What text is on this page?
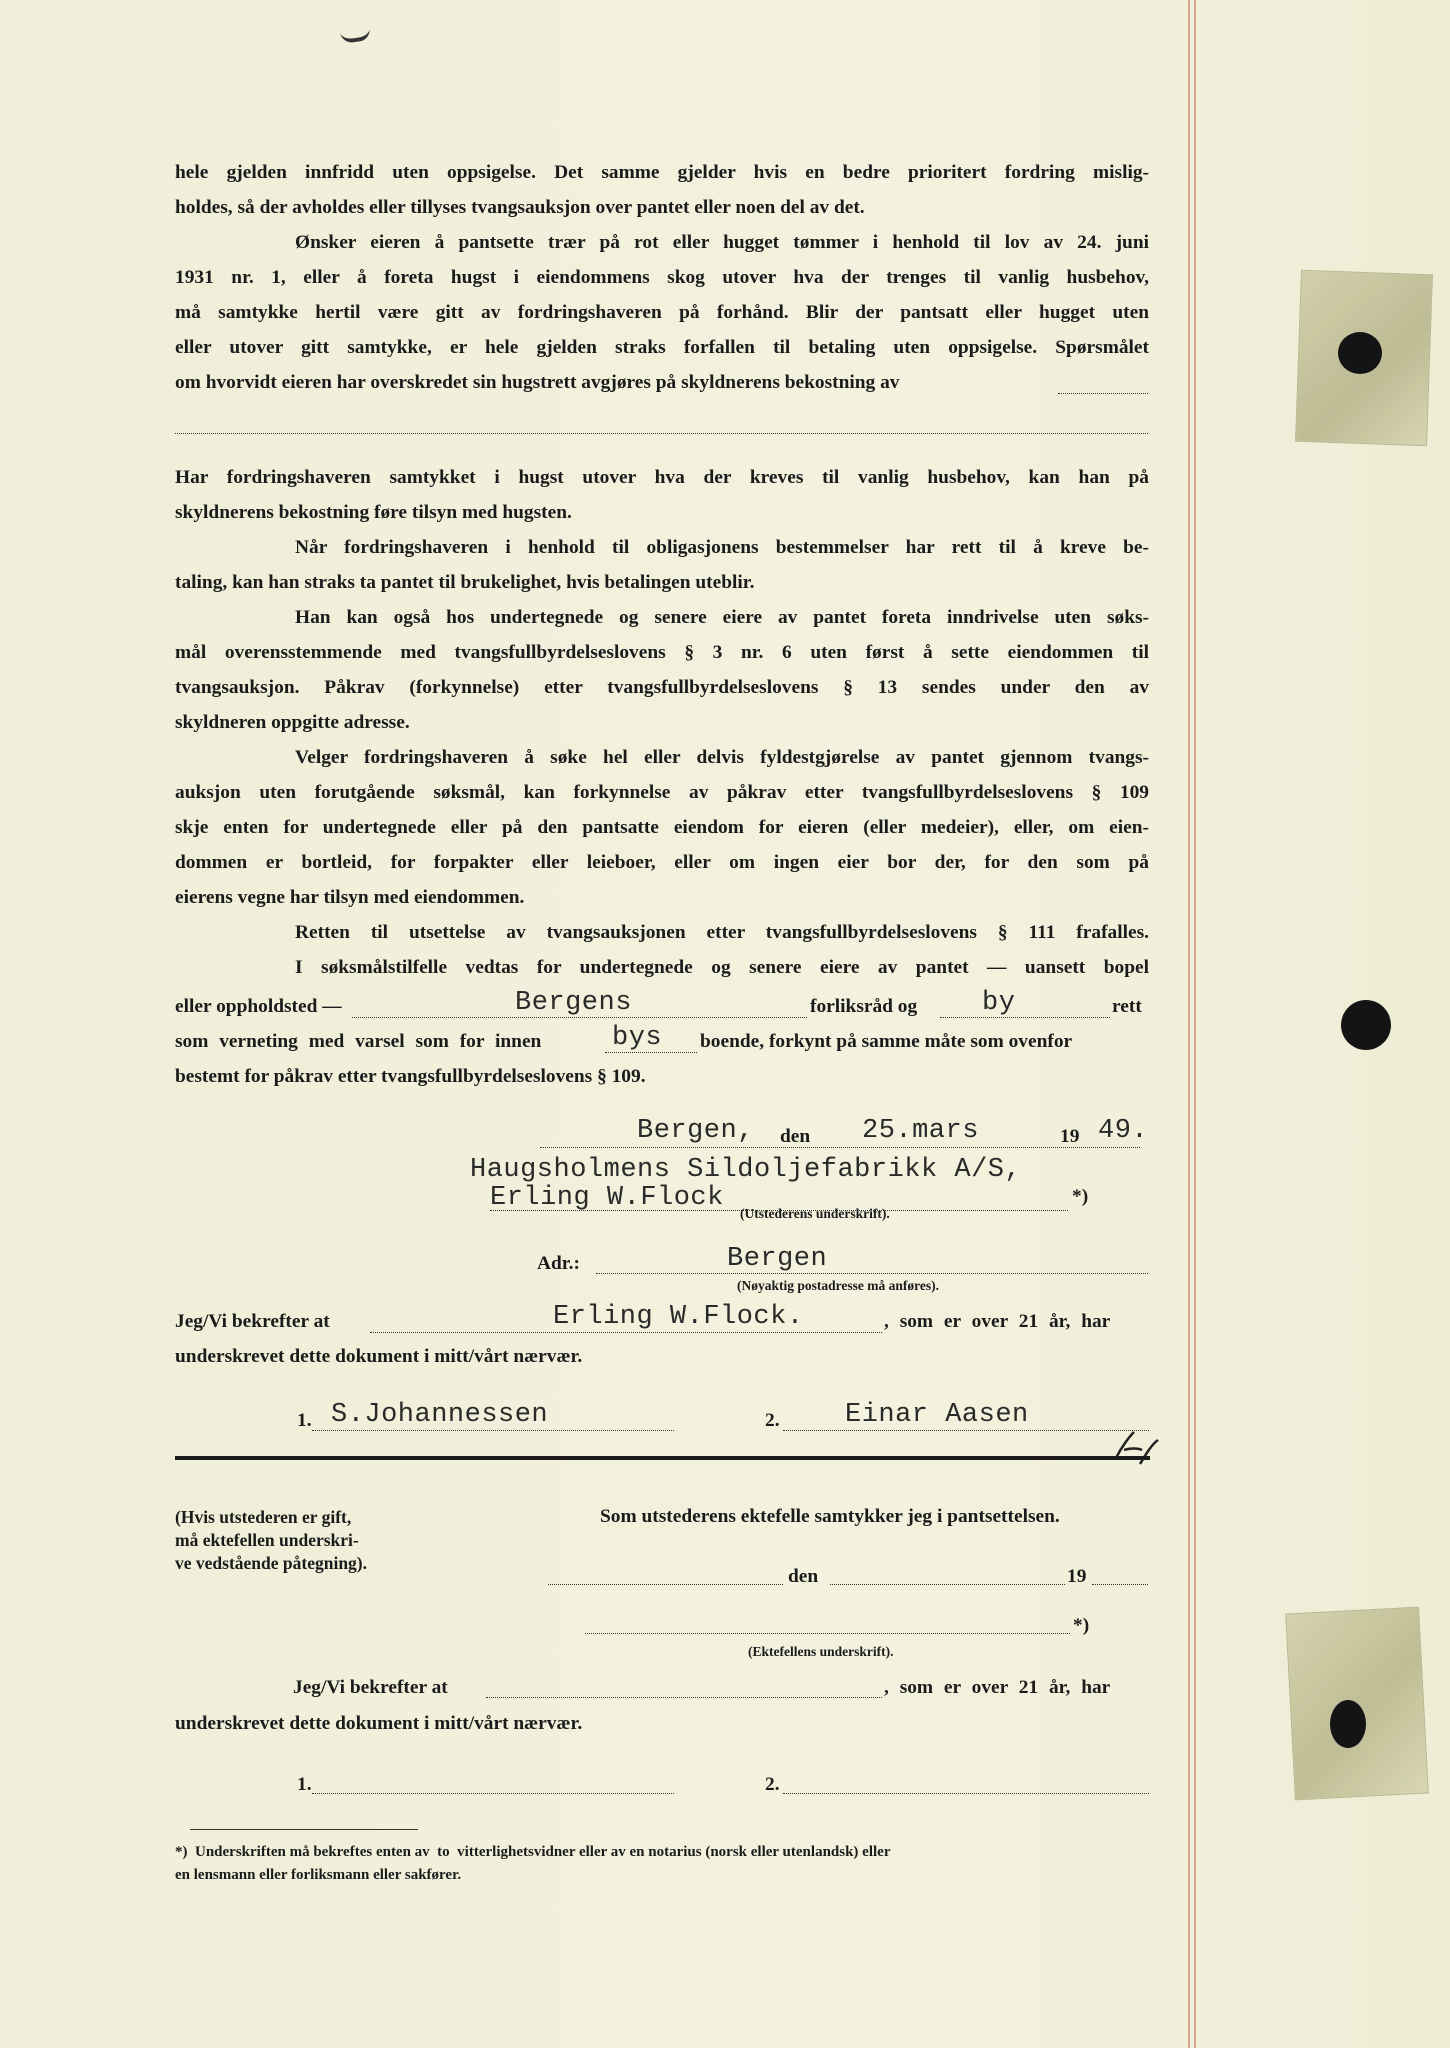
hele gjelden innfridd uten oppsigelse. Det samme gjelder hvis en bedre prioritert fordring mislig-
holdes, så der avholdes eller tillyses tvangsauksjon over pantet eller noen del av det.
Ønsker eieren å pantsette trær på rot eller hugget tømmer i henhold til lov av 24. juni
1931 nr. 1, eller å foreta hugst i eiendommens skog utover hva der trenges til vanlig husbehov,
må samtykke hertil være gitt av fordringshaveren på forhånd. Blir der pantsatt eller hugget uten
eller utover gitt samtykke, er hele gjelden straks forfallen til betaling uten oppsigelse. Spørsmålet
om hvorvidt eieren har overskredet sin hugstrett avgjøres på skyldnerens bekostning av
Har fordringshaveren samtykket i hugst utover hva der kreves til vanlig husbehov, kan han på
skyldnerens bekostning føre tilsyn med hugsten.
Når fordringshaveren i henhold til obligasjonens bestemmelser har rett til å kreve be-
taling, kan han straks ta pantet til brukelighet, hvis betalingen uteblir.
Han kan også hos undertegnede og senere eiere av pantet foreta inndrivelse uten søks-
mål overensstemmende med tvangsfullbyrdelseslovens § 3 nr. 6 uten først å sette eiendommen til
tvangsauksjon. Påkrav (forkynnelse) etter tvangsfullbyrdelseslovens § 13 sendes under den av
skyldneren oppgitte adresse.
Velger fordringshaveren å søke hel eller delvis fyldestgjørelse av pantet gjennom tvangs-
auksjon uten forutgående søksmål, kan forkynnelse av påkrav etter tvangsfullbyrdelseslovens § 109
skje enten for undertegnede eller på den pantsatte eiendom for eieren (eller medeier), eller, om eien-
dommen er bortleid, for forpakter eller leieboer, eller om ingen eier bor der, for den som på
eierens vegne har tilsyn med eiendommen.
Retten til utsettelse av tvangsauksjonen etter tvangsfullbyrdelseslovens § 111 frafalles.
I søksmålstilfelle vedtas for undertegnede og senere eiere av pantet — uansett bopel
eller oppholdsted —	Bergens	forliksråd og by	rett
som verneting med varsel som for innen	bys boende, forkynt på samme måte som ovenfor
bestemt for påkrav etter tvangsfullbyrdelseslovens § 109.
Bergen, den 25.mars	19 49.
Haugsholmens Sildoljefabrikk A/S,
Erling W.Flock	*)
(Utstederens underskrift).
Adr.:	Bergen
(Nøyaktig postadresse må anføres).
Jeg/Vi bekrefter at	Erling W.Flock.	, som er over 21 år, har
underskrevet dette dokument i mitt/vårt nærvær.
1. S.Johannessen	2. Einar Aasen
(Hvis utstederen er gift,
må ektefellen underskri-
ve vedstående påtegning).
Som utstederens ektefelle samtykker jeg i pantsettelsen.
den	19
*)
(Ektefellens underskrift).
Jeg/Vi bekrefter at	, som er over 21 år, har
underskrevet dette dokument i mitt/vårt nærvær.
1.	2.
*)  Underskriften må bekreftes enten av  to  vitterlighetsvidner eller av en notarius (norsk eller utenlandsk) eller
en lensmann eller forliksmann eller sakfører.
